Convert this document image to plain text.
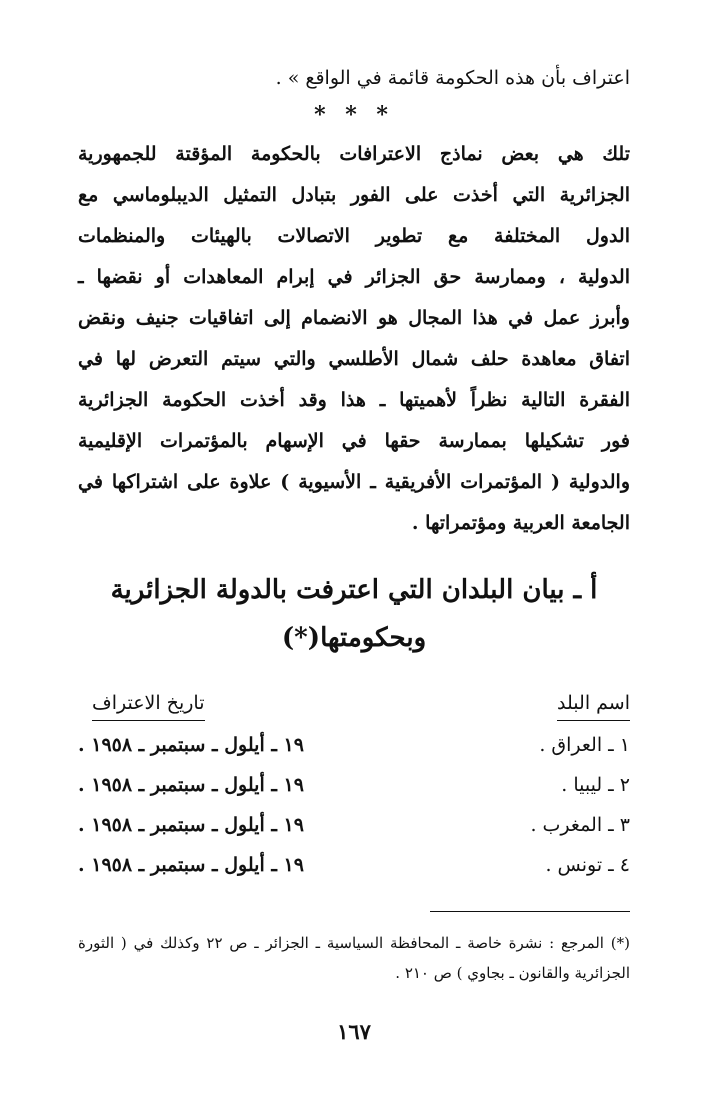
اعتراف بأن هذه الحكومة قائمة في الواقع » .

* * *

تلك هي بعض نماذج الاعترافات بالحكومة المؤقتة للجمهورية
الجزائرية التي أخذت على الفور بتبادل التمثيل الديبلوماسي مع
الدول المختلفة مع تطوير الاتصالات بالهيئات والمنظمات
الدولية ، وممارسة حق الجزائر في إبرام المعاهدات أو نقضها ـ
وأبرز عمل في هذا المجال هو الانضمام إلى اتفاقيات جنيف ونقض
اتفاق معاهدة حلف شمال الأطلسي والتي سيتم التعرض لها في
الفقرة التالية نظراً لأهميتها ـ هذا وقد أخذت الحكومة الجزائرية
فور تشكيلها بممارسة حقها في الإسهام بالمؤتمرات الإقليمية
والدولية ( المؤتمرات الأفريقية ـ الأسيوية ) علاوة على اشتراكها في
الجامعة العربية ومؤتمراتها .

أ ـ بيان البلدان التي اعترفت بالدولة الجزائرية
وبحكومتها(*)
اسم البلد
تاريخ الاعتراف
١ ـ العراق .
١٩ ـ أيلول ـ سبتمبر ـ ١٩٥٨ .
٢ ـ ليبيا .
١٩ ـ أيلول ـ سبتمبر ـ ١٩٥٨ .
٣ ـ المغرب .
١٩ ـ أيلول ـ سبتمبر ـ ١٩٥٨ .
٤ ـ تونس .
١٩ ـ أيلول ـ سبتمبر ـ ١٩٥٨ .

(*) المرجع : نشرة خاصة ـ المحافظة السياسية ـ الجزائر ـ ص ٢٢ وكذلك في ( الثورة الجزائرية والقانون ـ بجاوي ) ص ٢١٠ .

١٦٧
